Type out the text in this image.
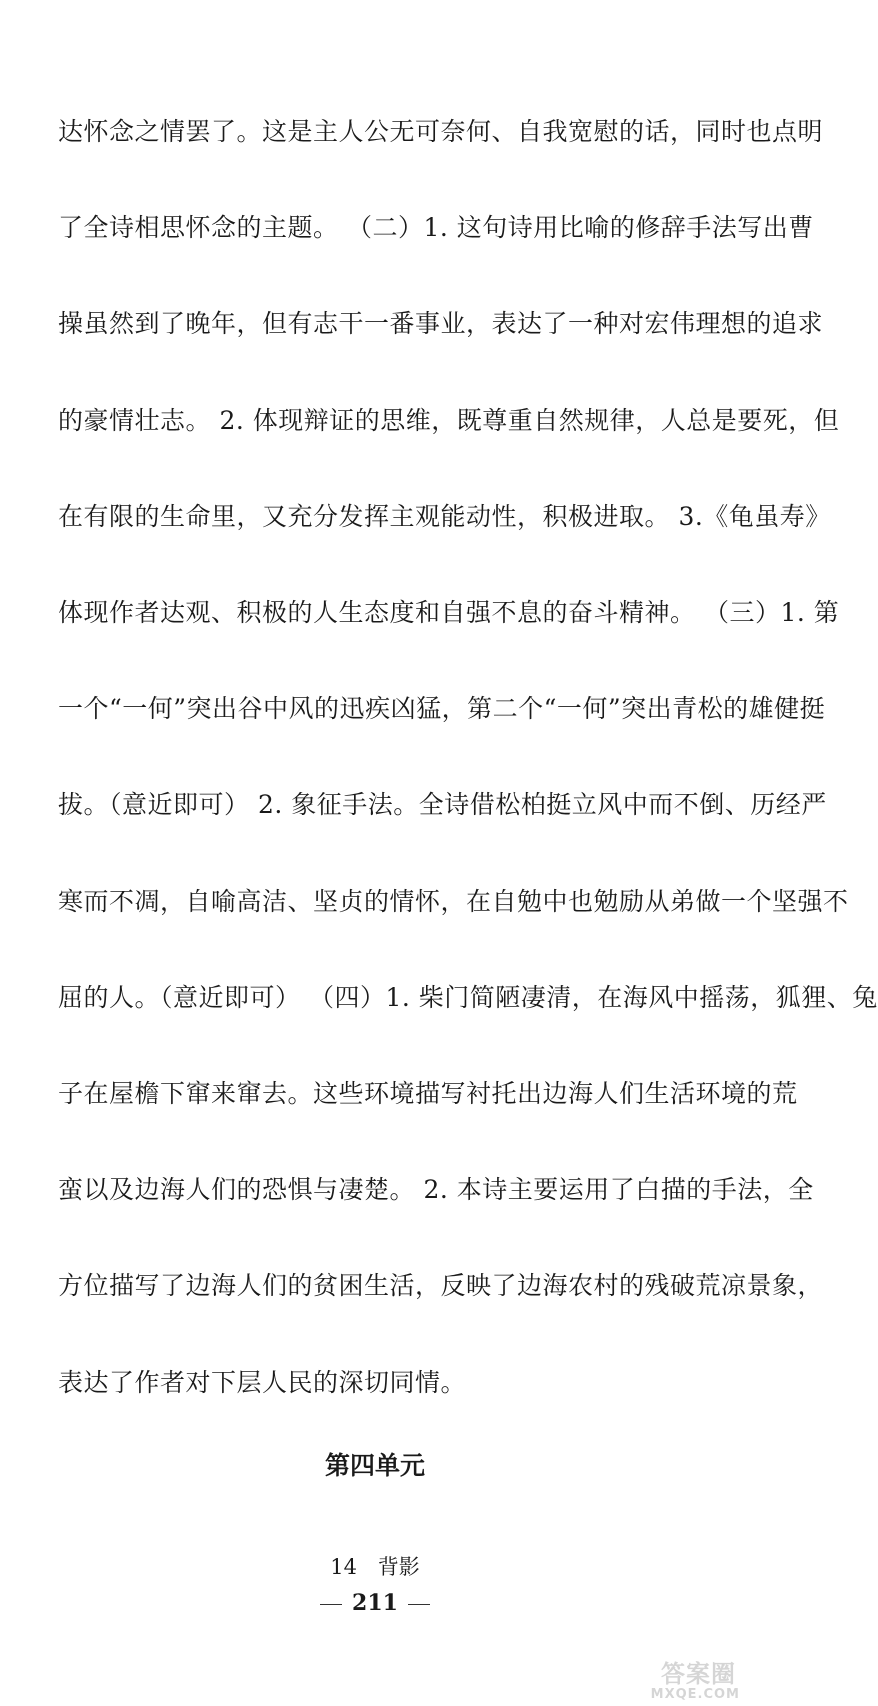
达怀念之情罢了。这是主人公无可奈何、自我宽慰的话，同时也点明
了全诗相思怀念的主题。 （二）1. 这句诗用比喻的修辞手法写出曹
操虽然到了晚年，但有志干一番事业，表达了一种对宏伟理想的追求
的豪情壮志。 2. 体现辩证的思维，既尊重自然规律，人总是要死，但
在有限的生命里，又充分发挥主观能动性，积极进取。 3.《龟虽寿》
体现作者达观、积极的人生态度和自强不息的奋斗精神。 （三）1. 第
一个“一何”突出谷中风的迅疾凶猛，第二个“一何”突出青松的雄健挺
拔。（意近即可） 2. 象征手法。全诗借松柏挺立风中而不倒、历经严
寒而不凋，自喻高洁、坚贞的情怀，在自勉中也勉励从弟做一个坚强不
屈的人。（意近即可） （四）1. 柴门简陋凄清，在海风中摇荡，狐狸、兔
子在屋檐下窜来窜去。这些环境描写衬托出边海人们生活环境的荒
蛮以及边海人们的恐惧与凄楚。 2. 本诗主要运用了白描的手法，全
方位描写了边海人们的贫困生活，反映了边海农村的残破荒凉景象，
表达了作者对下层人民的深切同情。
第四单元
14 背影
211
答案圈
MXQE.COM
